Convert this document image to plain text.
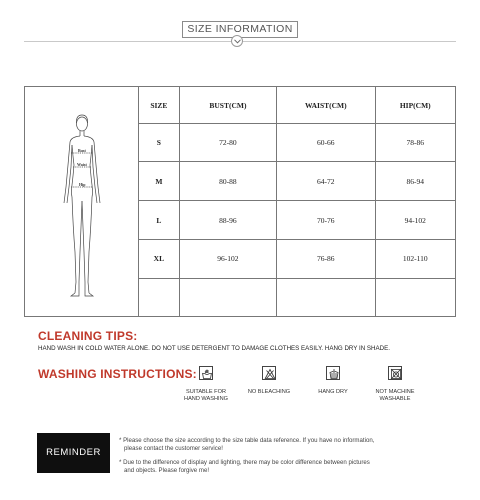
SIZE INFORMATION
Bust
Waist
Hip	SIZE	BUST(CM)	WAIST(CM)	HIP(CM)
	S	72-80	60-66	78-86
	M	80-88	64-72	86-94
	L	88-96	70-76	94-102
	XL	96-102	76-86	102-110

CLEANING TIPS:
HAND WASH IN COLD WATER ALONE. DO NOT USE DETERGENT TO DAMAGE CLOTHES EASILY. HANG DRY IN SHADE.
WASHING INSTRUCTIONS:
SUITABLE FOR
HAND WASHING
NO BLEACHING	HANG DRY	NOT MACHINE
WASHABLE
REMINDER
* Please choose the size according to the size table data reference. If you have no information,
please contact the customer service!
* Due to the difference of display and lighting, there may be color difference between pictures
and objects. Please forgive me!
